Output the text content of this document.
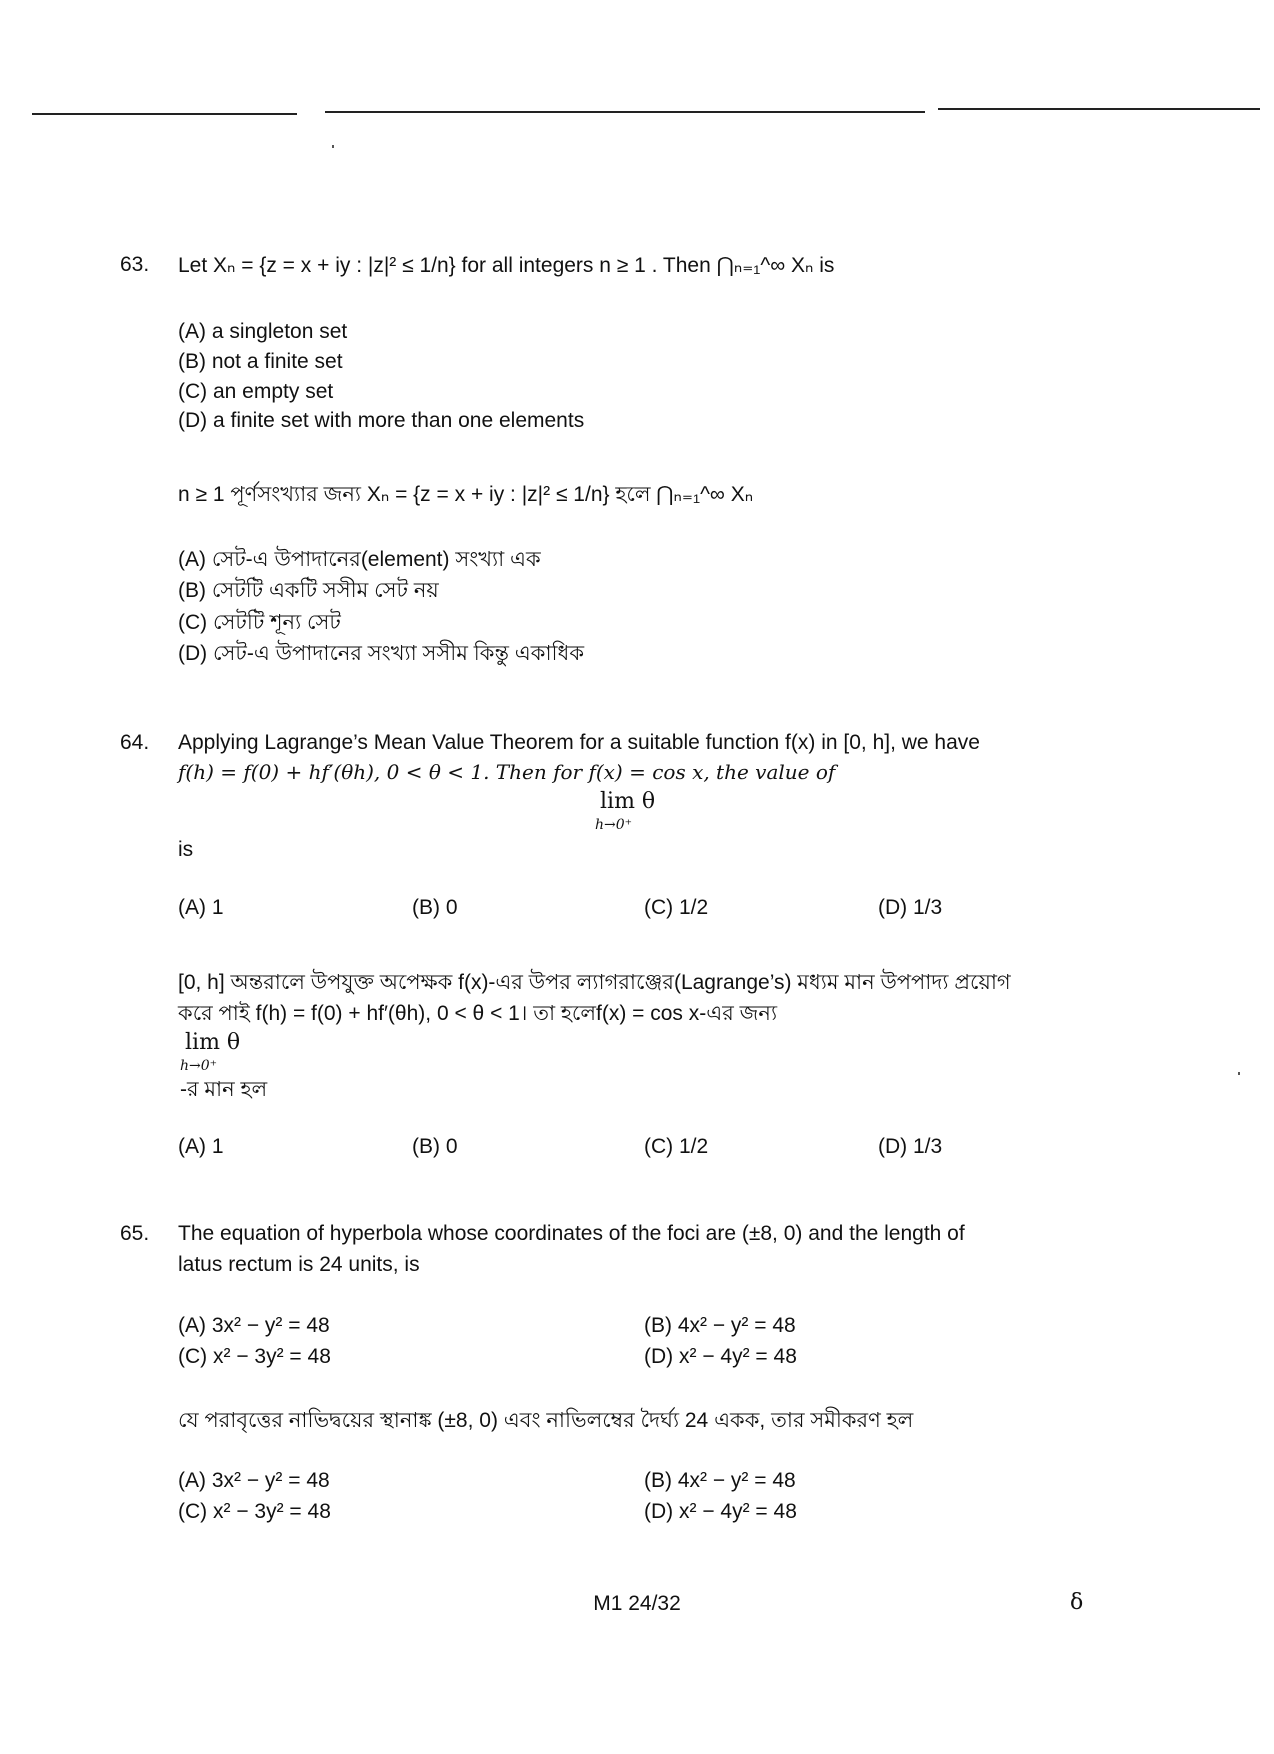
63. Let Xₙ = {z = x + iy : |z|² ≤ 1/n} for all integers n ≥ 1 . Then ⋂ₙ₌₁^∞ Xₙ is
(A) a singleton set
(B) not a finite set
(C) an empty set
(D) a finite set with more than one elements
n ≥ 1 পূর্ণসংখ্যার জন্য Xₙ = {z = x + iy : |z|² ≤ 1/n} হলে ⋂ₙ₌₁^∞ Xₙ
(A) সেট-এ উপাদানের(element) সংখ্যা এক
(B) সেটটি একটি সসীম সেট নয়
(C) সেটটি শূন্য সেট
(D) সেট-এ উপাদানের সংখ্যা সসীম কিন্তু একাধিক
64. Applying Lagrange’s Mean Value Theorem for a suitable function f(x) in [0, h], we have
f(h) = f(0) + hf′(θh), 0 < θ < 1. Then for f(x) = cos x, the value of
lim θ
h→0⁺
is
(A) 1	(B) 0	(C) 1/2	(D) 1/3
[0, h] অন্তরালে উপযুক্ত অপেক্ষক f(x)-এর উপর ল্যাগরাঞ্জের(Lagrange’s) মধ্যম মান উপপাদ্য প্রয়োগ
করে পাই f(h) = f(0) + hf′(θh), 0 < θ < 1। তা হলেf(x) = cos x-এর জন্য
lim θ
h→0⁺
-র মান হল
(A) 1	(B) 0	(C) 1/2	(D) 1/3
65. The equation of hyperbola whose coordinates of the foci are (±8, 0) and the length of
latus rectum is 24 units, is
(A) 3x² − y² = 48	(B) 4x² − y² = 48
(C) x² − 3y² = 48	(D) x² − 4y² = 48
যে পরাবৃত্তের নাভিদ্বয়ের স্থানাঙ্ক (±8, 0) এবং নাভিলম্বের দৈর্ঘ্য 24 একক, তার সমীকরণ হল
(A) 3x² − y² = 48	(B) 4x² − y² = 48
(C) x² − 3y² = 48	(D) x² − 4y² = 48
M1 24/32	δ
